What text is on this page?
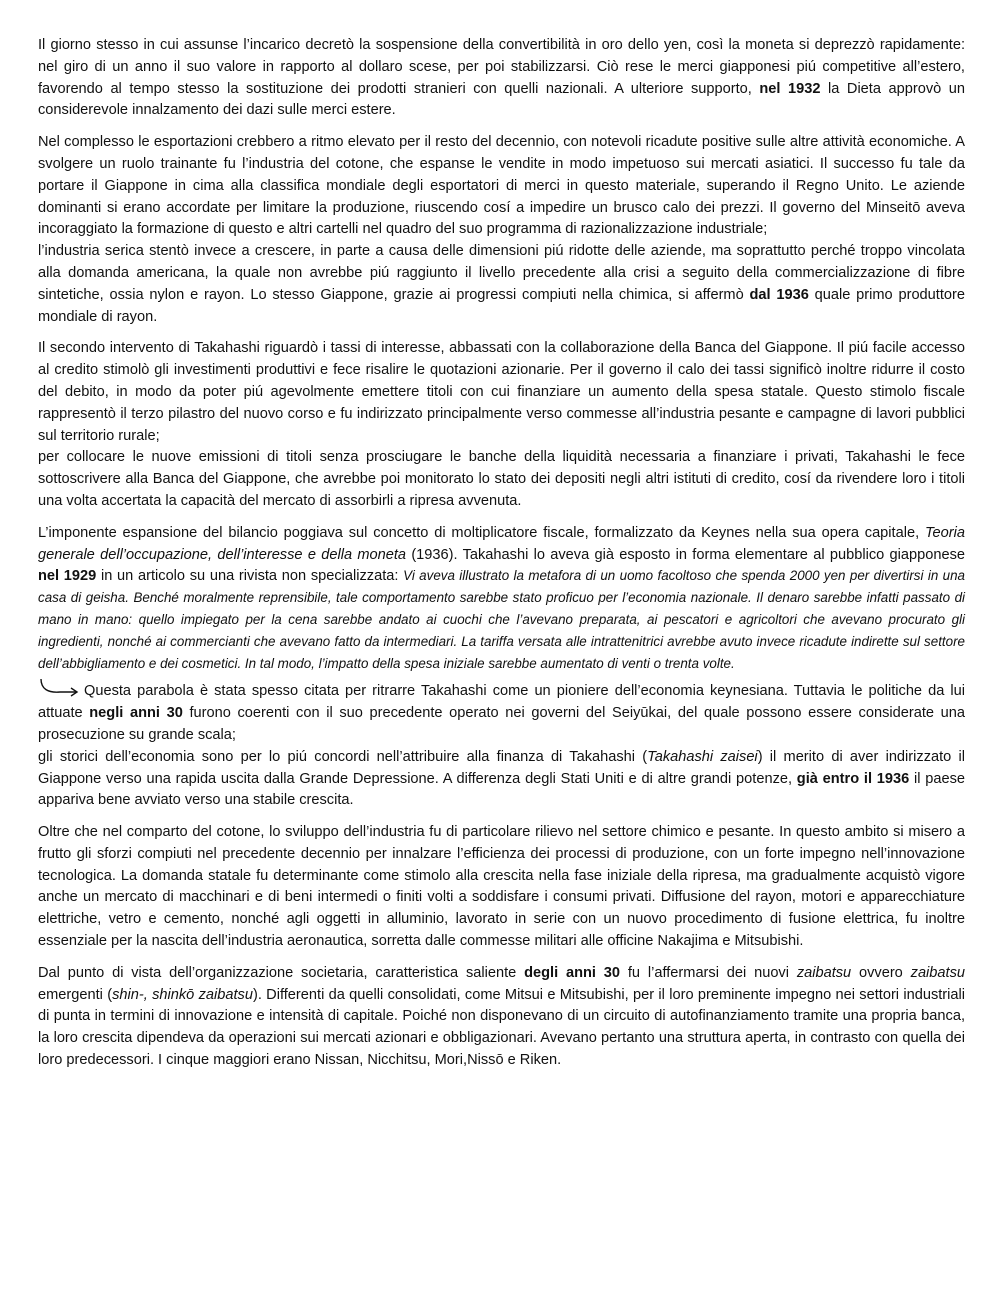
Il giorno stesso in cui assunse l’incarico decretò la sospensione della convertibilità in oro dello yen, così la moneta si deprezzò rapidamente: nel giro di un anno il suo valore in rapporto al dollaro scese, per poi stabilizzarsi. Ciò rese le merci giapponesi piú competitive all’estero, favorendo al tempo stesso la sostituzione dei prodotti stranieri con quelli nazionali. A ulteriore supporto, nel 1932 la Dieta approvò un considerevole innalzamento dei dazi sulle merci estere.

Nel complesso le esportazioni crebbero a ritmo elevato per il resto del decennio, con notevoli ricadute positive sulle altre attività economiche. A svolgere un ruolo trainante fu l’industria del cotone, che espanse le vendite in modo impetuoso sui mercati asiatici. Il successo fu tale da portare il Giappone in cima alla classifica mondiale degli esportatori di merci in questo materiale, superando il Regno Unito. Le aziende dominanti si erano accordate per limitare la produzione, riuscendo cosí a impedire un brusco calo dei prezzi. Il governo del Minseitō aveva incoraggiato la formazione di questo e altri cartelli nel quadro del suo programma di razionalizzazione industriale;

l’industria serica stentò invece a crescere, in parte a causa delle dimensioni piú ridotte delle aziende, ma soprattutto perché troppo vincolata alla domanda americana, la quale non avrebbe piú raggiunto il livello precedente alla crisi a seguito della commercializzazione di fibre sintetiche, ossia nylon e rayon. Lo stesso Giappone, grazie ai progressi compiuti nella chimica, si affermò dal 1936 quale primo produttore mondiale di rayon.

Il secondo intervento di Takahashi riguardò i tassi di interesse, abbassati con la collaborazione della Banca del Giappone. Il piú facile accesso al credito stimolò gli investimenti produttivi e fece risalire le quotazioni azionarie. Per il governo il calo dei tassi significò inoltre ridurre il costo del debito, in modo da poter piú agevolmente emettere titoli con cui finanziare un aumento della spesa statale. Questo stimolo fiscale rappresentò il terzo pilastro del nuovo corso e fu indirizzato principalmente verso commesse all’industria pesante e campagne di lavori pubblici sul territorio rurale;

per collocare le nuove emissioni di titoli senza prosciugare le banche della liquidità necessaria a finanziare i privati, Takahashi le fece sottoscrivere alla Banca del Giappone, che avrebbe poi monitorato lo stato dei depositi negli altri istituti di credito, cosí da rivendere loro i titoli una volta accertata la capacità del mercato di assorbirli a ripresa avvenuta.

L’imponente espansione del bilancio poggiava sul concetto di moltiplicatore fiscale, formalizzato da Keynes nella sua opera capitale, Teoria generale dell’occupazione, dell’interesse e della moneta (1936). Takahashi lo aveva già esposto in forma elementare al pubblico giapponese nel 1929 in un articolo su una rivista non specializzata: Vi aveva illustrato la metafora di un uomo facoltoso che spenda 2000 yen per divertirsi in una casa di geisha. Benché moralmente reprensibile, tale comportamento sarebbe stato proficuo per l’economia nazionale. Il denaro sarebbe infatti passato di mano in mano: quello impiegato per la cena sarebbe andato ai cuochi che l’avevano preparata, ai pescatori e agricoltori che avevano procurato gli ingredienti, nonché ai commercianti che avevano fatto da intermediari. La tariffa versata alle intrattenitrici avrebbe avuto invece ricadute indirette sul settore dell’abbigliamento e dei cosmetici. In tal modo, l’impatto della spesa iniziale sarebbe aumentato di venti o trenta volte.

Questa parabola è stata spesso citata per ritrarre Takahashi come un pioniere dell’economia keynesiana. Tuttavia le politiche da lui attuate negli anni 30 furono coerenti con il suo precedente operato nei governi del Seiyūkai, del quale possono essere considerate una prosecuzione su grande scala;

gli storici dell’economia sono per lo piú concordi nell’attribuire alla finanza di Takahashi (Takahashi zaisei) il merito di aver indirizzato il Giappone verso una rapida uscita dalla Grande Depressione. A differenza degli Stati Uniti e di altre grandi potenze, già entro il 1936 il paese appariva bene avviato verso una stabile crescita.

Oltre che nel comparto del cotone, lo sviluppo dell’industria fu di particolare rilievo nel settore chimico e pesante. In questo ambito si misero a frutto gli sforzi compiuti nel precedente decennio per innalzare l’efficienza dei processi di produzione, con un forte impegno nell’innovazione tecnologica. La domanda statale fu determinante come stimolo alla crescita nella fase iniziale della ripresa, ma gradualmente acquistò vigore anche un mercato di macchinari e di beni intermedi o finiti volti a soddisfare i consumi privati. Diffusione del rayon, motori e apparecchiature elettriche, vetro e cemento, nonché agli oggetti in alluminio, lavorato in serie con un nuovo procedimento di fusione elettrica, fu inoltre essenziale per la nascita dell’industria aeronautica, sorretta dalle commesse militari alle officine Nakajima e Mitsubishi.

Dal punto di vista dell’organizzazione societaria, caratteristica saliente degli anni 30 fu l’affermarsi dei nuovi zaibatsu ovvero zaibatsu emergenti (shin-, shinkō zaibatsu). Differenti da quelli consolidati, come Mitsui e Mitsubishi, per il loro preminente impegno nei settori industriali di punta in termini di innovazione e intensità di capitale. Poiché non disponevano di un circuito di autofinanziamento tramite una propria banca, la loro crescita dipendeva da operazioni sui mercati azionari e obbligazionari. Avevano pertanto una struttura aperta, in contrasto con quella dei loro predecessori. I cinque maggiori erano Nissan, Nicchitsu, Mori,Nissō e Riken.
